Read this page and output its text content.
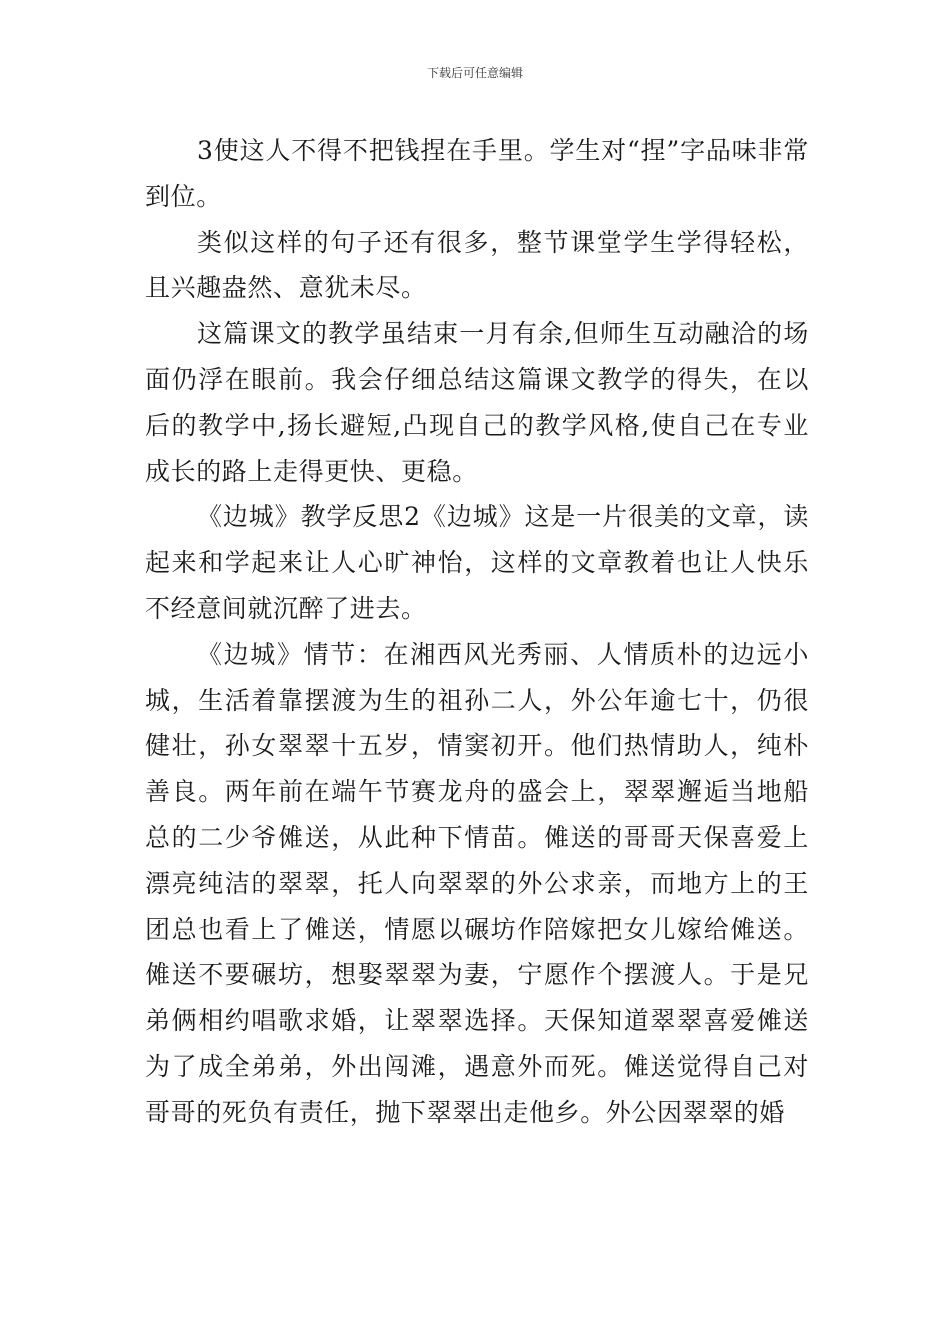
下载后可任意编辑

3使这人不得不把钱捏在手里。学生对“捏”字品味非常到位。

类似这样的句子还有很多，整节课堂学生学得轻松，且兴趣盎然、意犹未尽。

这篇课文的教学虽结束一月有余,但师生互动融洽的场面仍浮在眼前。我会仔细总结这篇课文教学的得失，在以后的教学中,扬长避短,凸现自己的教学风格,使自己在专业成长的路上走得更快、更稳。

《边城》教学反思2《边城》这是一片很美的文章，读起来和学起来让人心旷神怡，这样的文章教着也让人快乐不经意间就沉醉了进去。

《边城》情节：在湘西风光秀丽、人情质朴的边远小城，生活着靠摆渡为生的祖孙二人，外公年逾七十，仍很健壮，孙女翠翠十五岁，情窦初开。他们热情助人，纯朴善良。两年前在端午节赛龙舟的盛会上，翠翠邂逅当地船总的二少爷傩送，从此种下情苗。傩送的哥哥天保喜爱上漂亮纯洁的翠翠，托人向翠翠的外公求亲，而地方上的王团总也看上了傩送，情愿以碾坊作陪嫁把女儿嫁给傩送。傩送不要碾坊，想娶翠翠为妻，宁愿作个摆渡人。于是兄弟俩相约唱歌求婚，让翠翠选择。天保知道翠翠喜爱傩送为了成全弟弟，外出闯滩，遇意外而死。傩送觉得自己对哥哥的死负有责任，抛下翠翠出走他乡。外公因翠翠的婚
